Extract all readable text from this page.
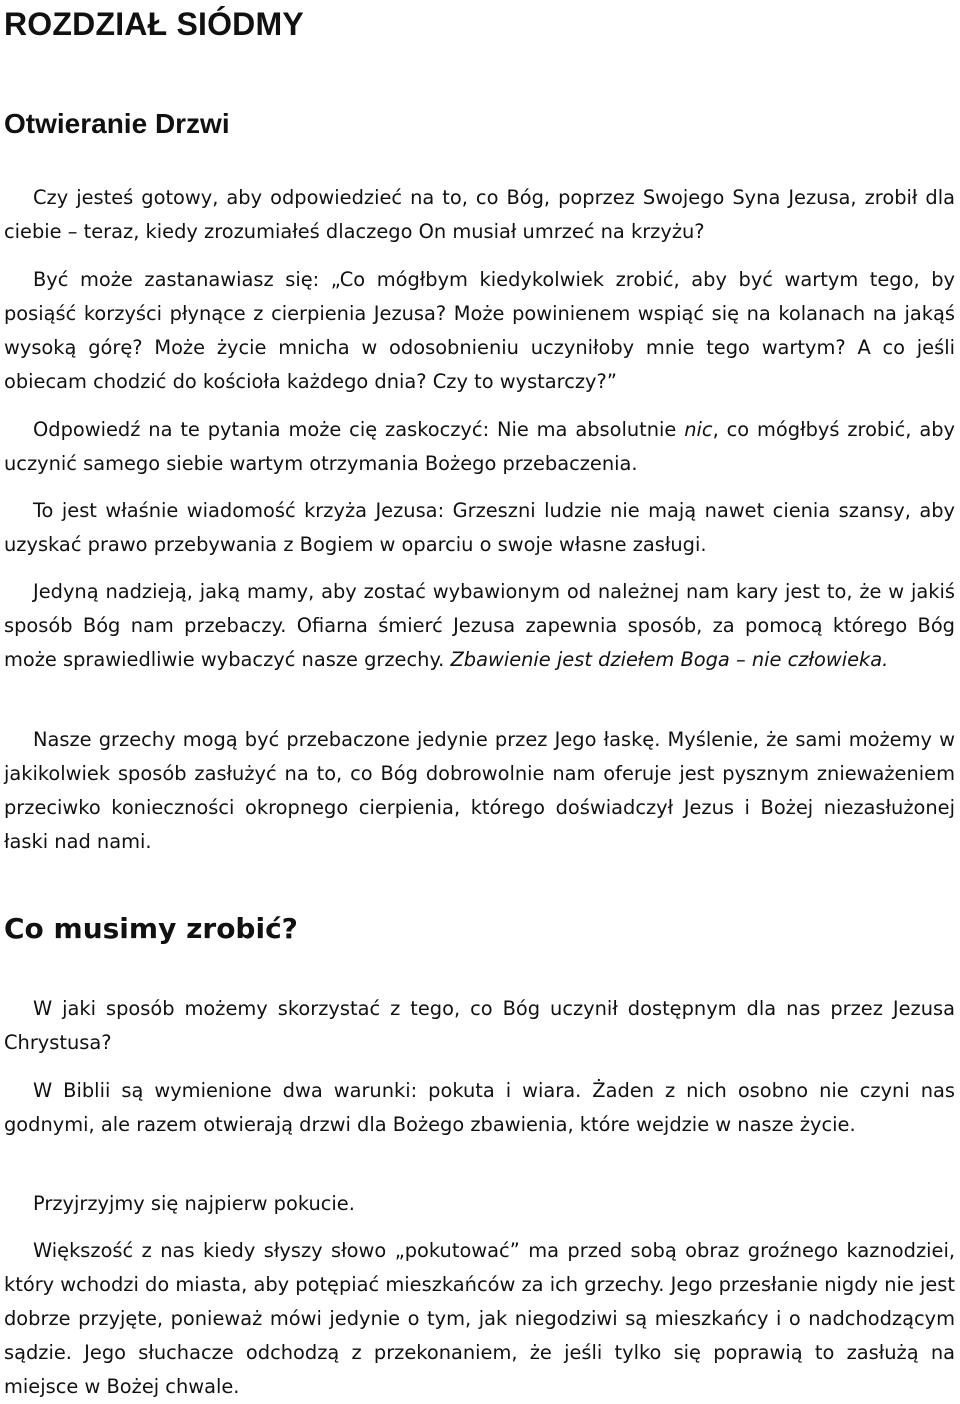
ROZDZIAŁ SIÓDMY
Otwieranie Drzwi

Czy jesteś gotowy, aby odpowiedzieć na to, co Bóg, poprzez Swojego Syna Jezusa, zrobił dla ciebie – teraz, kiedy zrozumiałeś dlaczego On musiał umrzeć na krzyżu?

Być może zastanawiasz się: „Co mógłbym kiedykolwiek zrobić, aby być wartym tego, by posiąść korzyści płynące z cierpienia Jezusa? Może powinienem wspiąć się na kolanach na jakąś wysoką górę? Może życie mnicha w odosobnieniu uczyniłoby mnie tego wartym? A co jeśli obiecam chodzić do kościoła każdego dnia? Czy to wystarczy?”

Odpowiedź na te pytania może cię zaskoczyć: Nie ma absolutnie nic, co mógłbyś zrobić, aby uczynić samego siebie wartym otrzymania Bożego przebaczenia.

To jest właśnie wiadomość krzyża Jezusa: Grzeszni ludzie nie mają nawet cienia szansy, aby uzyskać prawo przebywania z Bogiem w oparciu o swoje własne zasługi.

Jedyną nadzieją, jaką mamy, aby zostać wybawionym od należnej nam kary jest to, że w jakiś sposób Bóg nam przebaczy. Ofiarna śmierć Jezusa zapewnia sposób, za pomocą którego Bóg może sprawiedliwie wybaczyć nasze grzechy. Zbawienie jest dziełem Boga – nie człowieka.

Nasze grzechy mogą być przebaczone jedynie przez Jego łaskę. Myślenie, że sami możemy w jakikolwiek sposób zasłużyć na to, co Bóg dobrowolnie nam oferuje jest pysznym znieważeniem przeciwko konieczności okropnego cierpienia, którego doświadczył Jezus i Bożej niezasłużonej łaski nad nami.

Co musimy zrobić?

W jaki sposób możemy skorzystać z tego, co Bóg uczynił dostępnym dla nas przez Jezusa Chrystusa?

W Biblii są wymienione dwa warunki: pokuta i wiara. Żaden z nich osobno nie czyni nas godnymi, ale razem otwierają drzwi dla Bożego zbawienia, które wejdzie w nasze życie.

Przyjrzyjmy się najpierw pokucie.

Większość z nas kiedy słyszy słowo „pokutować” ma przed sobą obraz groźnego kaznodziei, który wchodzi do miasta, aby potępiać mieszkańców za ich grzechy. Jego przesłanie nigdy nie jest dobrze przyjęte, ponieważ mówi jedynie o tym, jak niegodziwi są mieszkańcy i o nadchodzącym sądzie. Jego słuchacze odchodzą z przekonaniem, że jeśli tylko się poprawią to zasłużą na miejsce w Bożej chwale.
